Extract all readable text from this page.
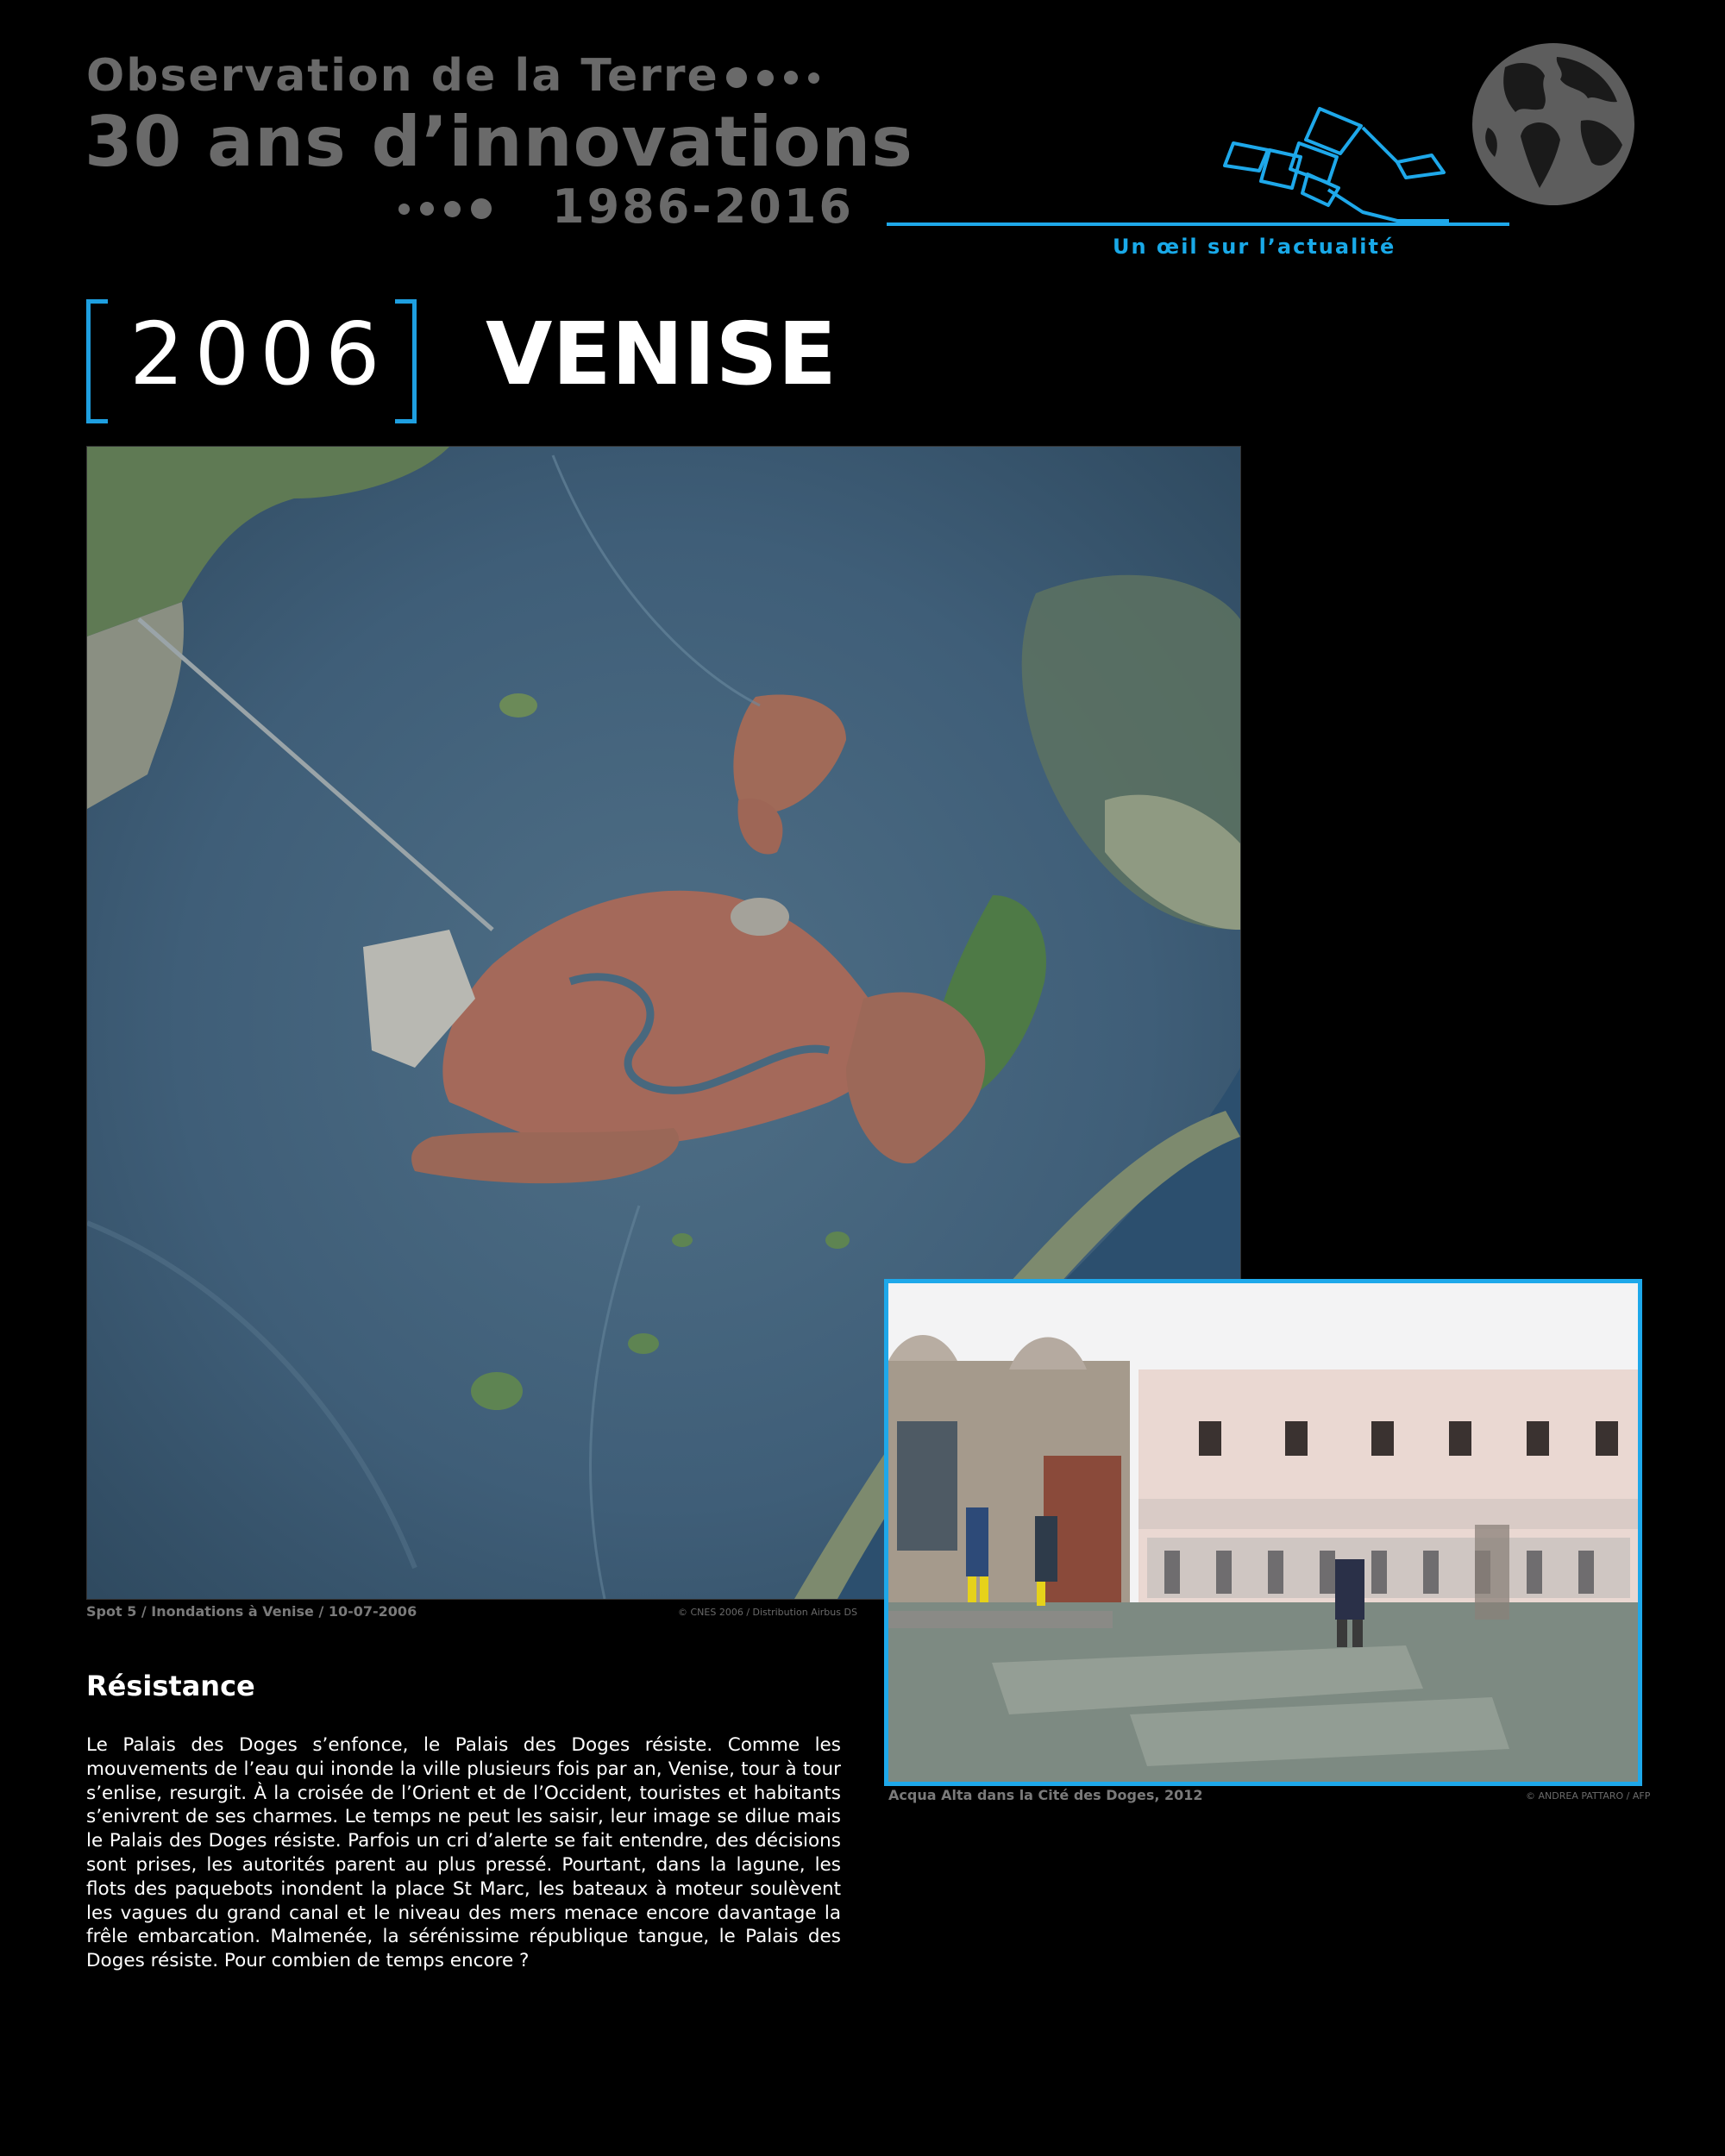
Observation de la Terre
30 ans d’innovations
1986-2016
Un œil sur l’actualité
2006 VENISE
Spot 5 / Inondations à Venise / 10-07-2006	© CNES 2006 / Distribution Airbus DS
Acqua Alta dans la Cité des Doges, 2012	© ANDREA PATTARO / AFP
Résistance
Le Palais des Doges s’enfonce, le Palais des Doges résiste. Comme les mouvements de l’eau qui inonde la ville plusieurs fois par an, Venise, tour à tour s’enlise, resurgit. À la croisée de l’Orient et de l’Occident, touristes et habitants s’enivrent de ses charmes. Le temps ne peut les saisir, leur image se dilue mais le Palais des Doges résiste. Parfois un cri d’alerte se fait entendre, des décisions sont prises, les autorités parent au plus pressé. Pourtant, dans la lagune, les flots des paquebots inondent la place St Marc, les bateaux à moteur soulèvent les vagues du grand canal et le niveau des mers menace encore davantage la frêle embarcation. Malmenée, la sérénissime république tangue, le Palais des Doges résiste. Pour combien de temps encore ?
